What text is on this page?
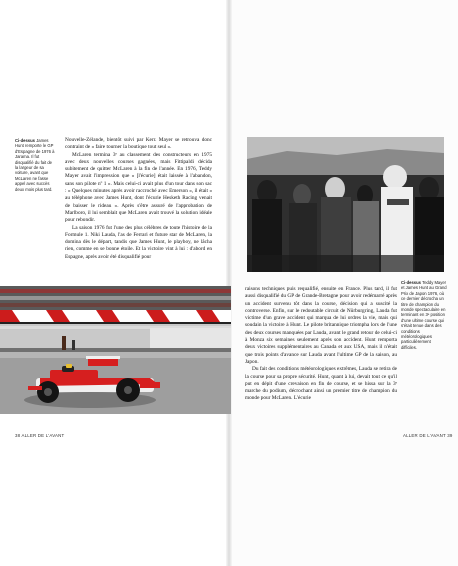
Ci-dessus James Hunt remporte le GP d'Espagne de 1976 à Jarama. Il fut disqualifié du fait de la largeur de sa voiture, avant que McLaren ne fasse appel avec succès deux mois plus tard.

Nouvelle-Zélande, bientôt suivi par Kerr. Mayer se retrouva donc contraint de « faire tourner la boutique tout seul ».

McLaren termina 3ᵉ au classement des constructeurs en 1975 avec deux nouvelles courses gagnées, mais Fittipaldi décida subitement de quitter McLaren à la fin de l'année. En 1976, Teddy Mayer avait l'impression que « [l'écurie] était laissée à l'abandon, sans son pilote nº 1 ». Mais celui-ci avait plus d'un tour dans son sac : « Quelques minutes après avoir raccroché avec Emerson », il était « au téléphone avec James Hunt, dont l'écurie Hesketh Racing venait de baisser le rideau ». Après s'être assuré de l'approbation de Marlboro, il lui semblait que McLaren avait trouvé la solution idéale pour rebondir.

La saison 1976 fut l'une des plus célèbres de toute l'histoire de la Formule 1. Niki Lauda, l'as de Ferrari et future star de McLaren, la domina dès le départ, tandis que James Hunt, le playboy, ne lâcha rien, comme en se bonne étoile. Et la victoire vint à lui : d'abord en Espagne, après avoir été disqualifié pour

Ci-dessus Teddy Mayer et James Hunt au Grand Prix de Japon 1976, où ce dernier décrocha un titre de champion du monde spectaculaire en terminant en 3ᵉ position d'une ultime course qui s'était tenue dans des conditions météorologiques particulièrement difficiles.

raisons techniques puis requalifié, ensuite en France. Plus tard, il fut aussi disqualifié du GP de Grande-Bretagne pour avoir redémarré après un accident survenu tôt dans la course, décision qui a suscité la controverse. Enfin, sur le redoutable circuit de Nürburgring, Lauda fut victime d'un grave accident qui marqua de lui ordres la vie, mais qui soudain la victoire à Hunt. Le pilote britannique triompha lors de l'une des deux courses manquées par Lauda, avant le grand retour de celui-ci à Monza six semaines seulement après son accident. Hunt remporta deux victoires supplémentaires au Canada et aux USA, mais il n'était que trois points d'avance sur Lauda avant l'ultime GP de la saison, au Japon.

Du fait des conditions météorologiques extrêmes, Lauda se retira de la course pour sa propre sécurité. Hunt, quant à lui, devait tout ce qu'il put en dépit d'une crevaison en fin de course, et se hissa sur la 3ᵉ marche du podium, décrochant ainsi un premier titre de champion du monde pour McLaren. L'écurie

38 ALLER DE L'AVANT	ALLER DE L'AVANT 39
